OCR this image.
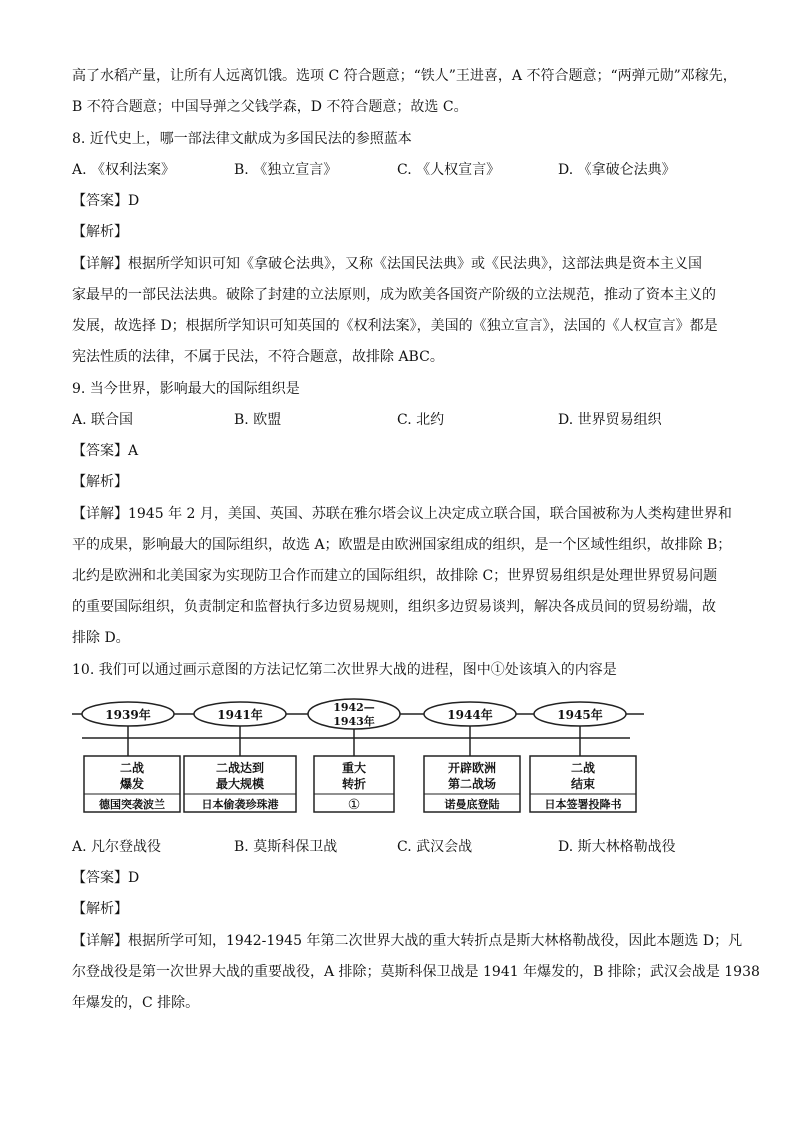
高了水稻产量，让所有人远离饥饿。选项 C 符合题意；“铁人”王进喜，A 不符合题意；“两弹元勋”邓稼先，
B 不符合题意；中国导弹之父钱学森，D 不符合题意；故选 C。
8. 近代史上，哪一部法律文献成为多国民法的参照蓝本
A. 《权利法案》	B. 《独立宣言》	C. 《人权宣言》	D. 《拿破仑法典》
【答案】D
【解析】
【详解】根据所学知识可知《拿破仑法典》，又称《法国民法典》或《民法典》，这部法典是资本主义国
家最早的一部民法法典。破除了封建的立法原则，成为欧美各国资产阶级的立法规范，推动了资本主义的
发展，故选择 D；根据所学知识可知英国的《权利法案》，美国的《独立宣言》，法国的《人权宣言》都是
宪法性质的法律，不属于民法，不符合题意，故排除 ABC。
9. 当今世界，影响最大的国际组织是
A. 联合国	B. 欧盟	C. 北约	D. 世界贸易组织
【答案】A
【解析】
【详解】1945 年 2 月，美国、英国、苏联在雅尔塔会议上决定成立联合国，联合国被称为人类构建世界和
平的成果，影响最大的国际组织，故选 A；欧盟是由欧洲国家组成的组织，是一个区域性组织，故排除 B；
北约是欧洲和北美国家为实现防卫合作而建立的国际组织，故排除 C；世界贸易组织是处理世界贸易问题
的重要国际组织，负责制定和监督执行多边贸易规则，组织多边贸易谈判，解决各成员间的贸易纷端，故
排除 D。
10. 我们可以通过画示意图的方法记忆第二次世界大战的进程，图中①处该填入的内容是
1939年	1941年
1942—
1943年	1944年	1945年
二战
爆发
德国突袭波兰
二战达到
最大规模
日本偷袭珍珠港
重大
转折
①
开辟欧洲
第二战场
诺曼底登陆
二战
结束
日本签署投降书
A. 凡尔登战役	B. 莫斯科保卫战	C. 武汉会战	D. 斯大林格勒战役
【答案】D
【解析】
【详解】根据所学可知，1942-1945 年第二次世界大战的重大转折点是斯大林格勒战役，因此本题选 D；凡
尔登战役是第一次世界大战的重要战役，A 排除；莫斯科保卫战是 1941 年爆发的，B 排除；武汉会战是 1938
年爆发的，C 排除。
